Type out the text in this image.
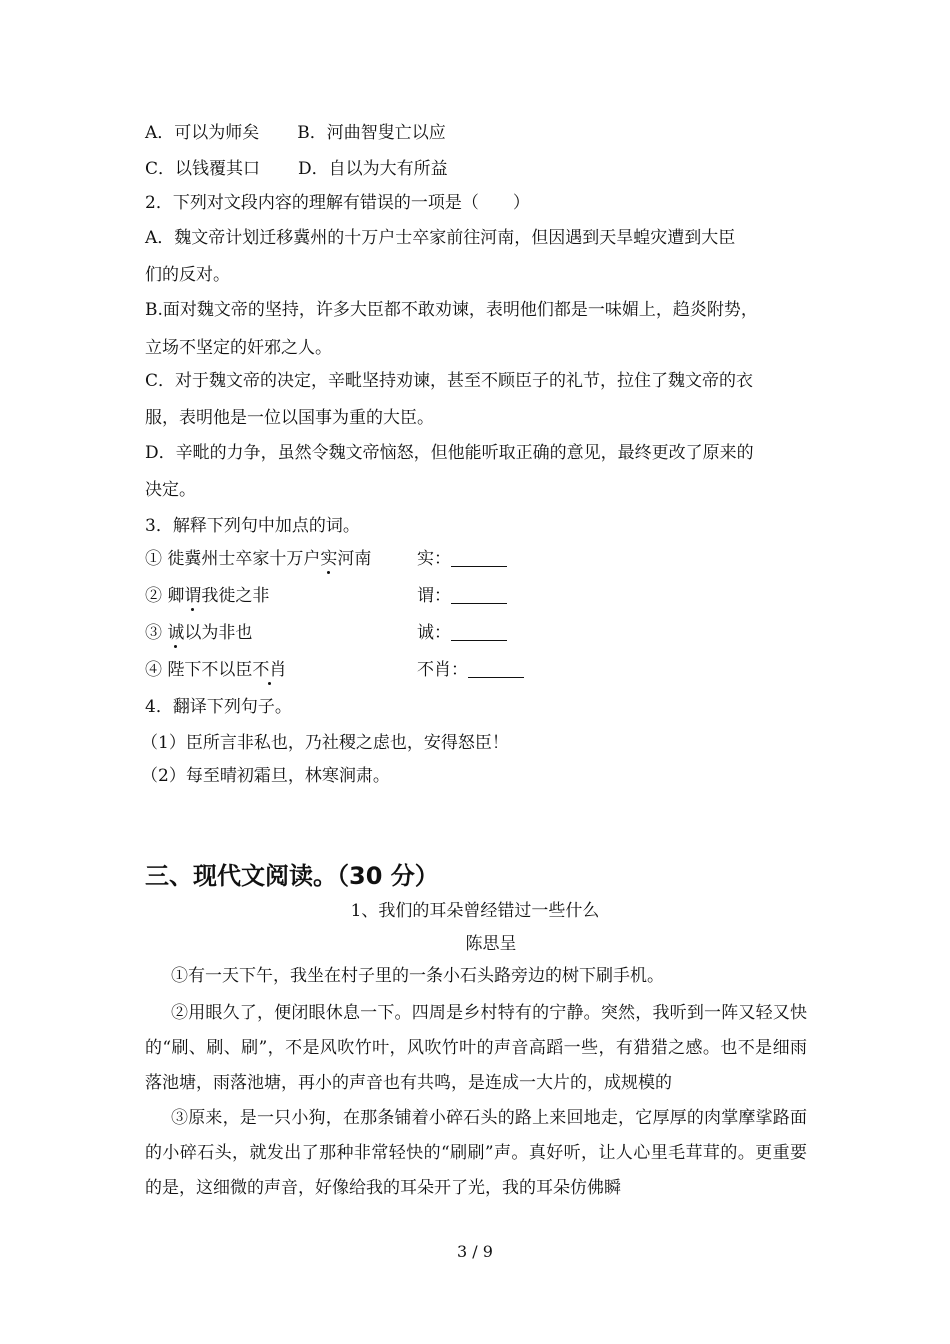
A．可以为师矣 B．河曲智叟亡以应
C．以钱覆其口 D．自以为大有所益
2．下列对文段内容的理解有错误的一项是（　　）
A．魏文帝计划迁移冀州的十万户士卒家前往河南，但因遇到天旱蝗灾遭到大臣
们的反对。
B.面对魏文帝的坚持，许多大臣都不敢劝谏，表明他们都是一味媚上，趋炎附势，
立场不坚定的奸邪之人。
C．对于魏文帝的决定，辛毗坚持劝谏，甚至不顾臣子的礼节，拉住了魏文帝的衣
服，表明他是一位以国事为重的大臣。
D．辛毗的力争，虽然令魏文帝恼怒，但他能听取正确的意见，最终更改了原来的
决定。
3．解释下列句中加点的词。
① 徙冀州士卒家十万户实河南	实：
② 卿谓我徙之非	谓：
③ 诚以为非也	诚：
④ 陛下不以臣不肖	不肖：
4．翻译下列句子。
（1）臣所言非私也，乃社稷之虑也，安得怒臣！
（2）每至晴初霜旦，林寒涧肃。
三、现代文阅读。（30 分）
1、我们的耳朵曾经错过一些什么
陈思呈
①有一天下午，我坐在村子里的一条小石头路旁边的树下刷手机。
②用眼久了，便闭眼休息一下。四周是乡村特有的宁静。突然，我听到一阵又轻又快的“刷、刷、刷”，不是风吹竹叶，风吹竹叶的声音高蹈一些，有猎猎之感。也不是细雨落池塘，雨落池塘，再小的声音也有共鸣，是连成一大片的，成规模的
③原来，是一只小狗，在那条铺着小碎石头的路上来回地走，它厚厚的肉掌摩挲路面的小碎石头，就发出了那种非常轻快的“刷刷”声。真好听，让人心里毛茸茸的。更重要的是，这细微的声音，好像给我的耳朵开了光，我的耳朵仿佛瞬
3 / 9
